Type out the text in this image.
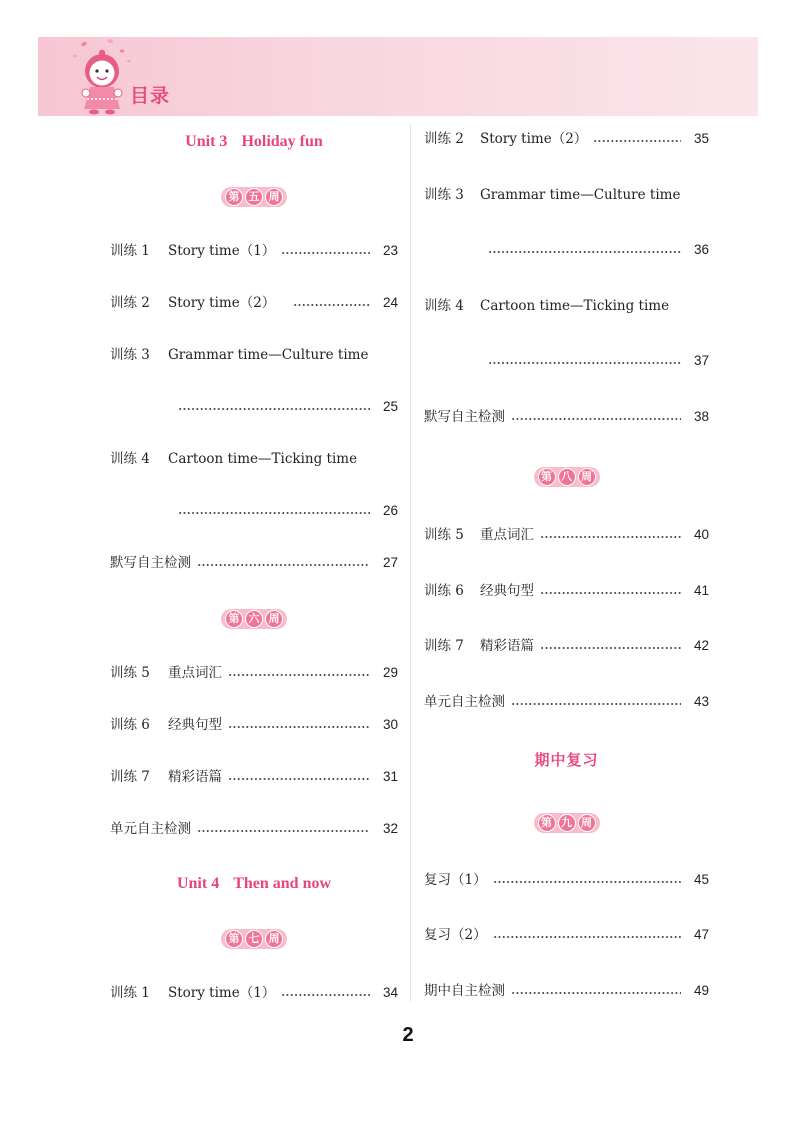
目录
Unit 3 Holiday fun
第 五 周
训练 1	Story time（1）	23
训练 2	Story time（2）	24
训练 3	Grammar time—Culture time
25
训练 4	Cartoon time—Ticking time
26
默写自主检测	27
第 六 周
训练 5	重点词汇	29
训练 6	经典句型	30
训练 7	精彩语篇	31
单元自主检测	32
Unit 4 Then and now
第 七 周
训练 1	Story time（1）	34
训练 2	Story time（2）	35
训练 3	Grammar time—Culture time
36
训练 4	Cartoon time—Ticking time
37
默写自主检测	38
第 八 周
训练 5	重点词汇	40
训练 6	经典句型	41
训练 7	精彩语篇	42
单元自主检测	43
期中复习
第 九 周
复习（1）	45
复习（2）	47
期中自主检测	49
2
